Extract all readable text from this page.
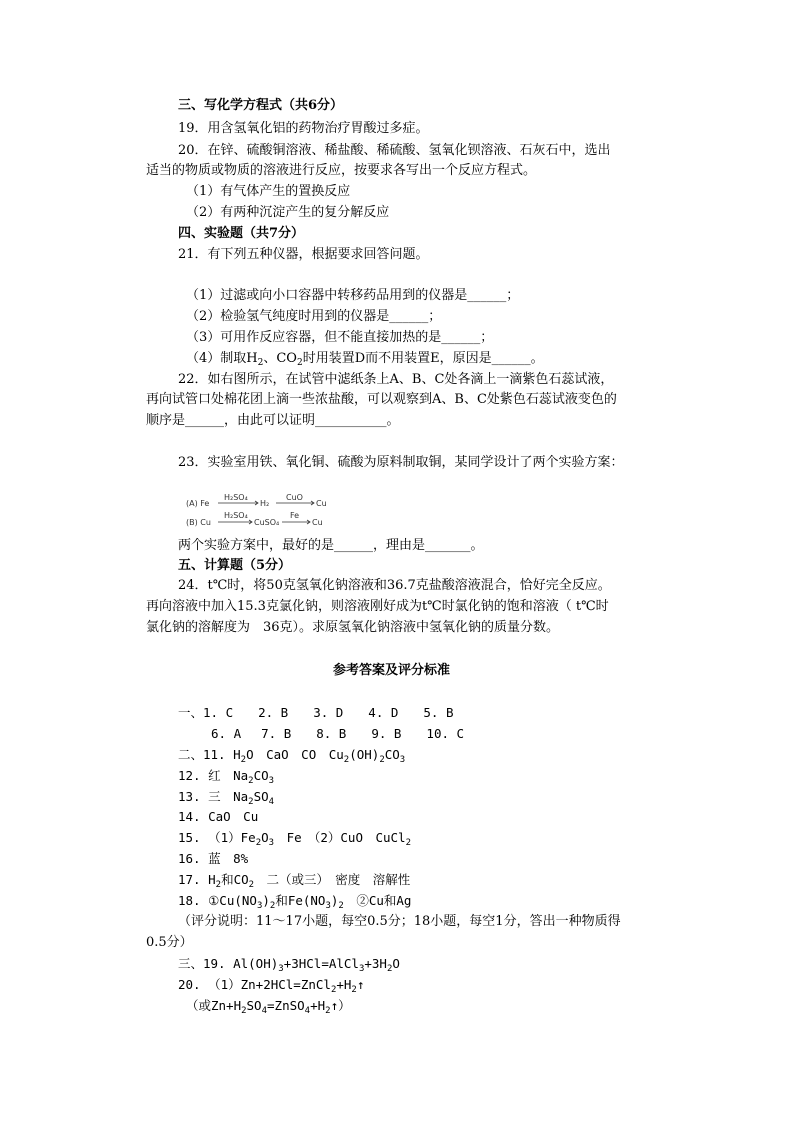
三、写化学方程式（共6分）
19．用含氢氧化铝的药物治疗胃酸过多症。
20．在锌、硫酸铜溶液、稀盐酸、稀硫酸、氢氧化钡溶液、石灰石中，选出
适当的物质或物质的溶液进行反应，按要求各写出一个反应方程式。
（1）有气体产生的置换反应
（2）有两种沉淀产生的复分解反应
四、实验题（共7分）
21．有下列五种仪器，根据要求回答问题。
（1）过滤或向小口容器中转移药品用到的仪器是______；
（2）检验氢气纯度时用到的仪器是______；
（3）可用作反应容器，但不能直接加热的是______；
（4）制取$H_2$、$CO_2$时用装置D而不用装置E，原因是______。
22．如右图所示，在试管中滤纸条上A、B、C处各滴上一滴紫色石蕊试液，
再向试管口处棉花团上滴一些浓盐酸，可以观察到A、B、C处紫色石蕊试液变色的
顺序是______，由此可以证明___________。
23．实验室用铁、氧化铜、硫酸为原料制取铜，某同学设计了两个实验方案：
(A) Fe
H₂SO₄
H₂
CuO
Cu
(B) Cu
H₂SO₄
CuSO₄
Fe
Cu
两个实验方案中，最好的是______，理由是_______。
五、计算题（5分）
24．t℃时，将50克氢氧化钠溶液和36.7克盐酸溶液混合，恰好完全反应。
再向溶液中加入15.3克氯化钠，则溶液刚好成为t℃时氯化钠的饱和溶液（ t℃时
氯化钠的溶解度为　36克）。求原氢氧化钠溶液中氢氧化钠的质量分数。
参考答案及评分标准
一、1. C　　2. B　　3. D　　4. D　　5. B
6. A　 7. B　　8. B　　9. B　　10. C
二、11. $H_2O$　CaO　CO　$Cu_2(OH)_2CO_3$
12. 红　$Na_2CO_3$
13. 三　$Na_2SO_4$
14. CaO　Cu
15. $(1)Fe_2O_3$　Fe　（2）CuO　CuCl$_2$
16. 蓝　8%
17. $H_2$和$CO_2$　二（或三）　密度　溶解性
18. $①Cu(NO_3)_2$和$Fe(NO_3)_2$　②Cu和Ag
（评分说明：11～17小题，每空0.5分；18小题，每空1分，答出一种物质得
0.5分）
三、19. $Al(OH)_3+3HCl=AlCl_3+3H_2O$
20. $(1)Zn+2HCl=ZnCl_2+H_2↑$
（或$Zn+H_2SO_4=ZnSO_4+H_2↑$）
